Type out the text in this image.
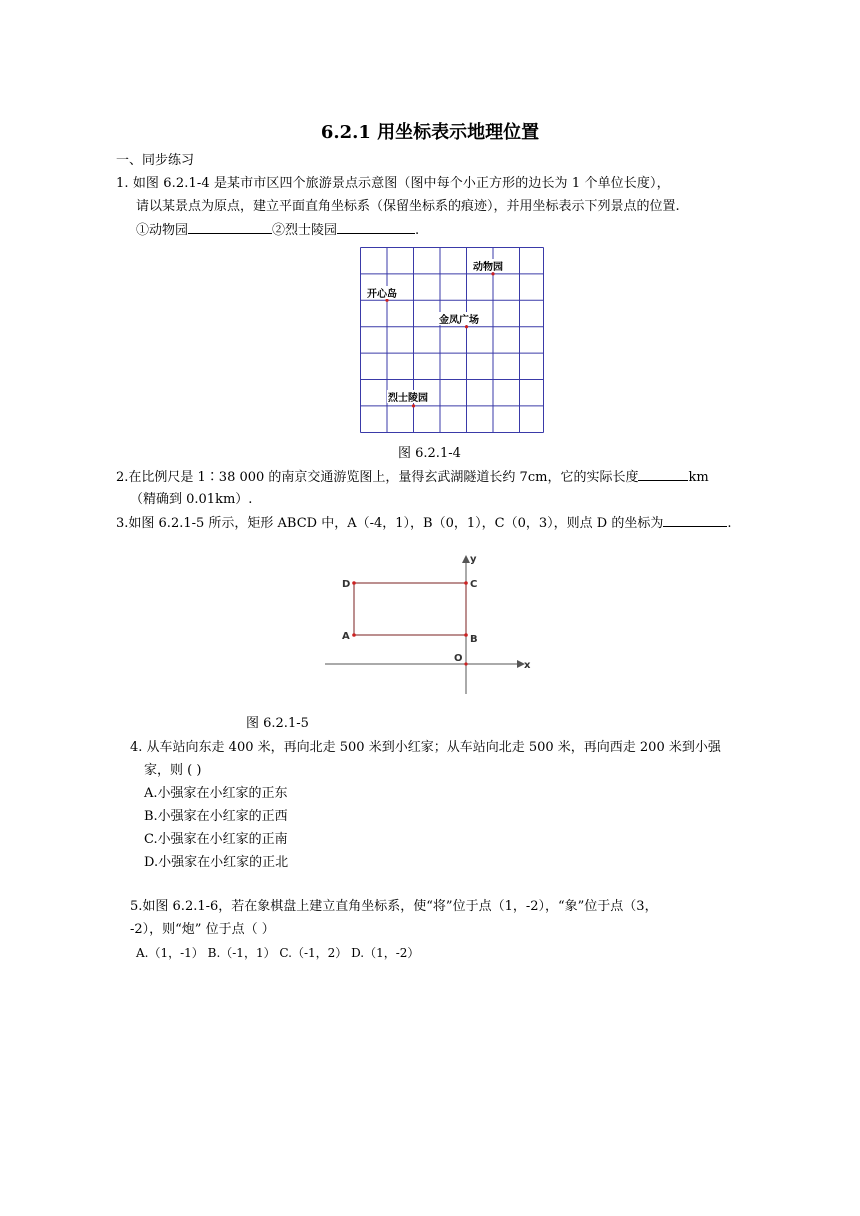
6.2.1 用坐标表示地理位置
一、同步练习
1. 如图 6.2.1-4 是某市市区四个旅游景点示意图（图中每个小正方形的边长为 1 个单位长度），
请以某景点为原点，建立平面直角坐标系（保留坐标系的痕迹），并用坐标表示下列景点的位置.
①动物园	②烈士陵园	.
动物园
开心岛
金凤广场
烈士陵园
图 6.2.1-4
2.在比例尺是 1∶38 000 的南京交通游览图上，量得玄武湖隧道长约 7cm，它的实际长度	km
（精确到 0.01km）.
3.如图 6.2.1-5 所示，矩形 ABCD 中，A（-4，1），B（0，1），C（0，3），则点 D 的坐标为	.
A	B
C
D
O
x
y
图 6.2.1-5
4. 从车站向东走 400 米，再向北走 500 米到小红家；从车站向北走 500 米，再向西走 200 米到小强
家，则 ( )
A.小强家在小红家的正东
B.小强家在小红家的正西
C.小强家在小红家的正南
D.小强家在小红家的正北
5.如图 6.2.1-6，若在象棋盘上建立直角坐标系，使“将”位于点（1，-2），“象”位于点（3，
-2），则“炮” 位于点（ ）
A.（1，-1） B.（-1，1） C.（-1，2） D.（1，-2）
